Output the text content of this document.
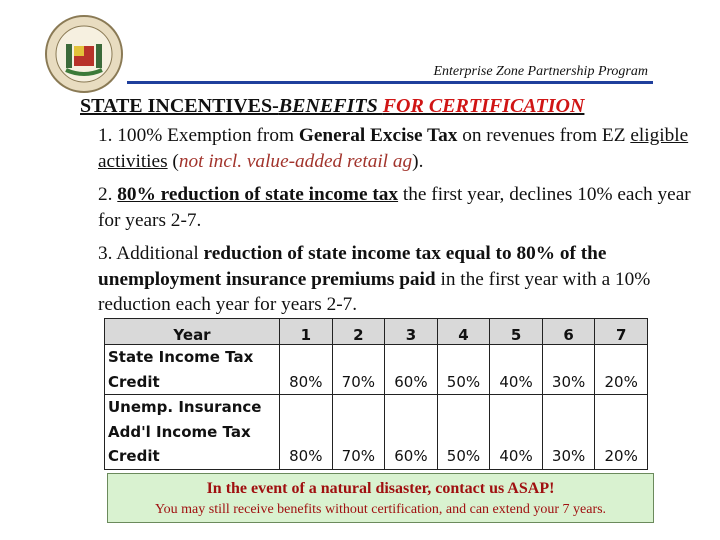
Enterprise Zone Partnership Program
STATE INCENTIVES-BENEFITS FOR CERTIFICATION

1. 100% Exemption from General Excise Tax on revenues from EZ eligible activities (not incl. value-added retail ag).

2. 80% reduction of state income tax the first year, declines 10% each year for years 2-7.

3. Additional reduction of state income tax equal to 80% of the unemployment insurance premiums paid in the first year with a 10% reduction each year for years 2-7.

Year	1	2	3	4	5	6	7

State Income Tax
Credit	80%	70%	60%	50%	40%	30%	20%

Unemp. Insurance
Add'l Income Tax
Credit	80%	70%	60%	50%	40%	30%	20%
In the event of a natural disaster, contact us ASAP!
You may still receive benefits without certification, and can extend your 7 years.
